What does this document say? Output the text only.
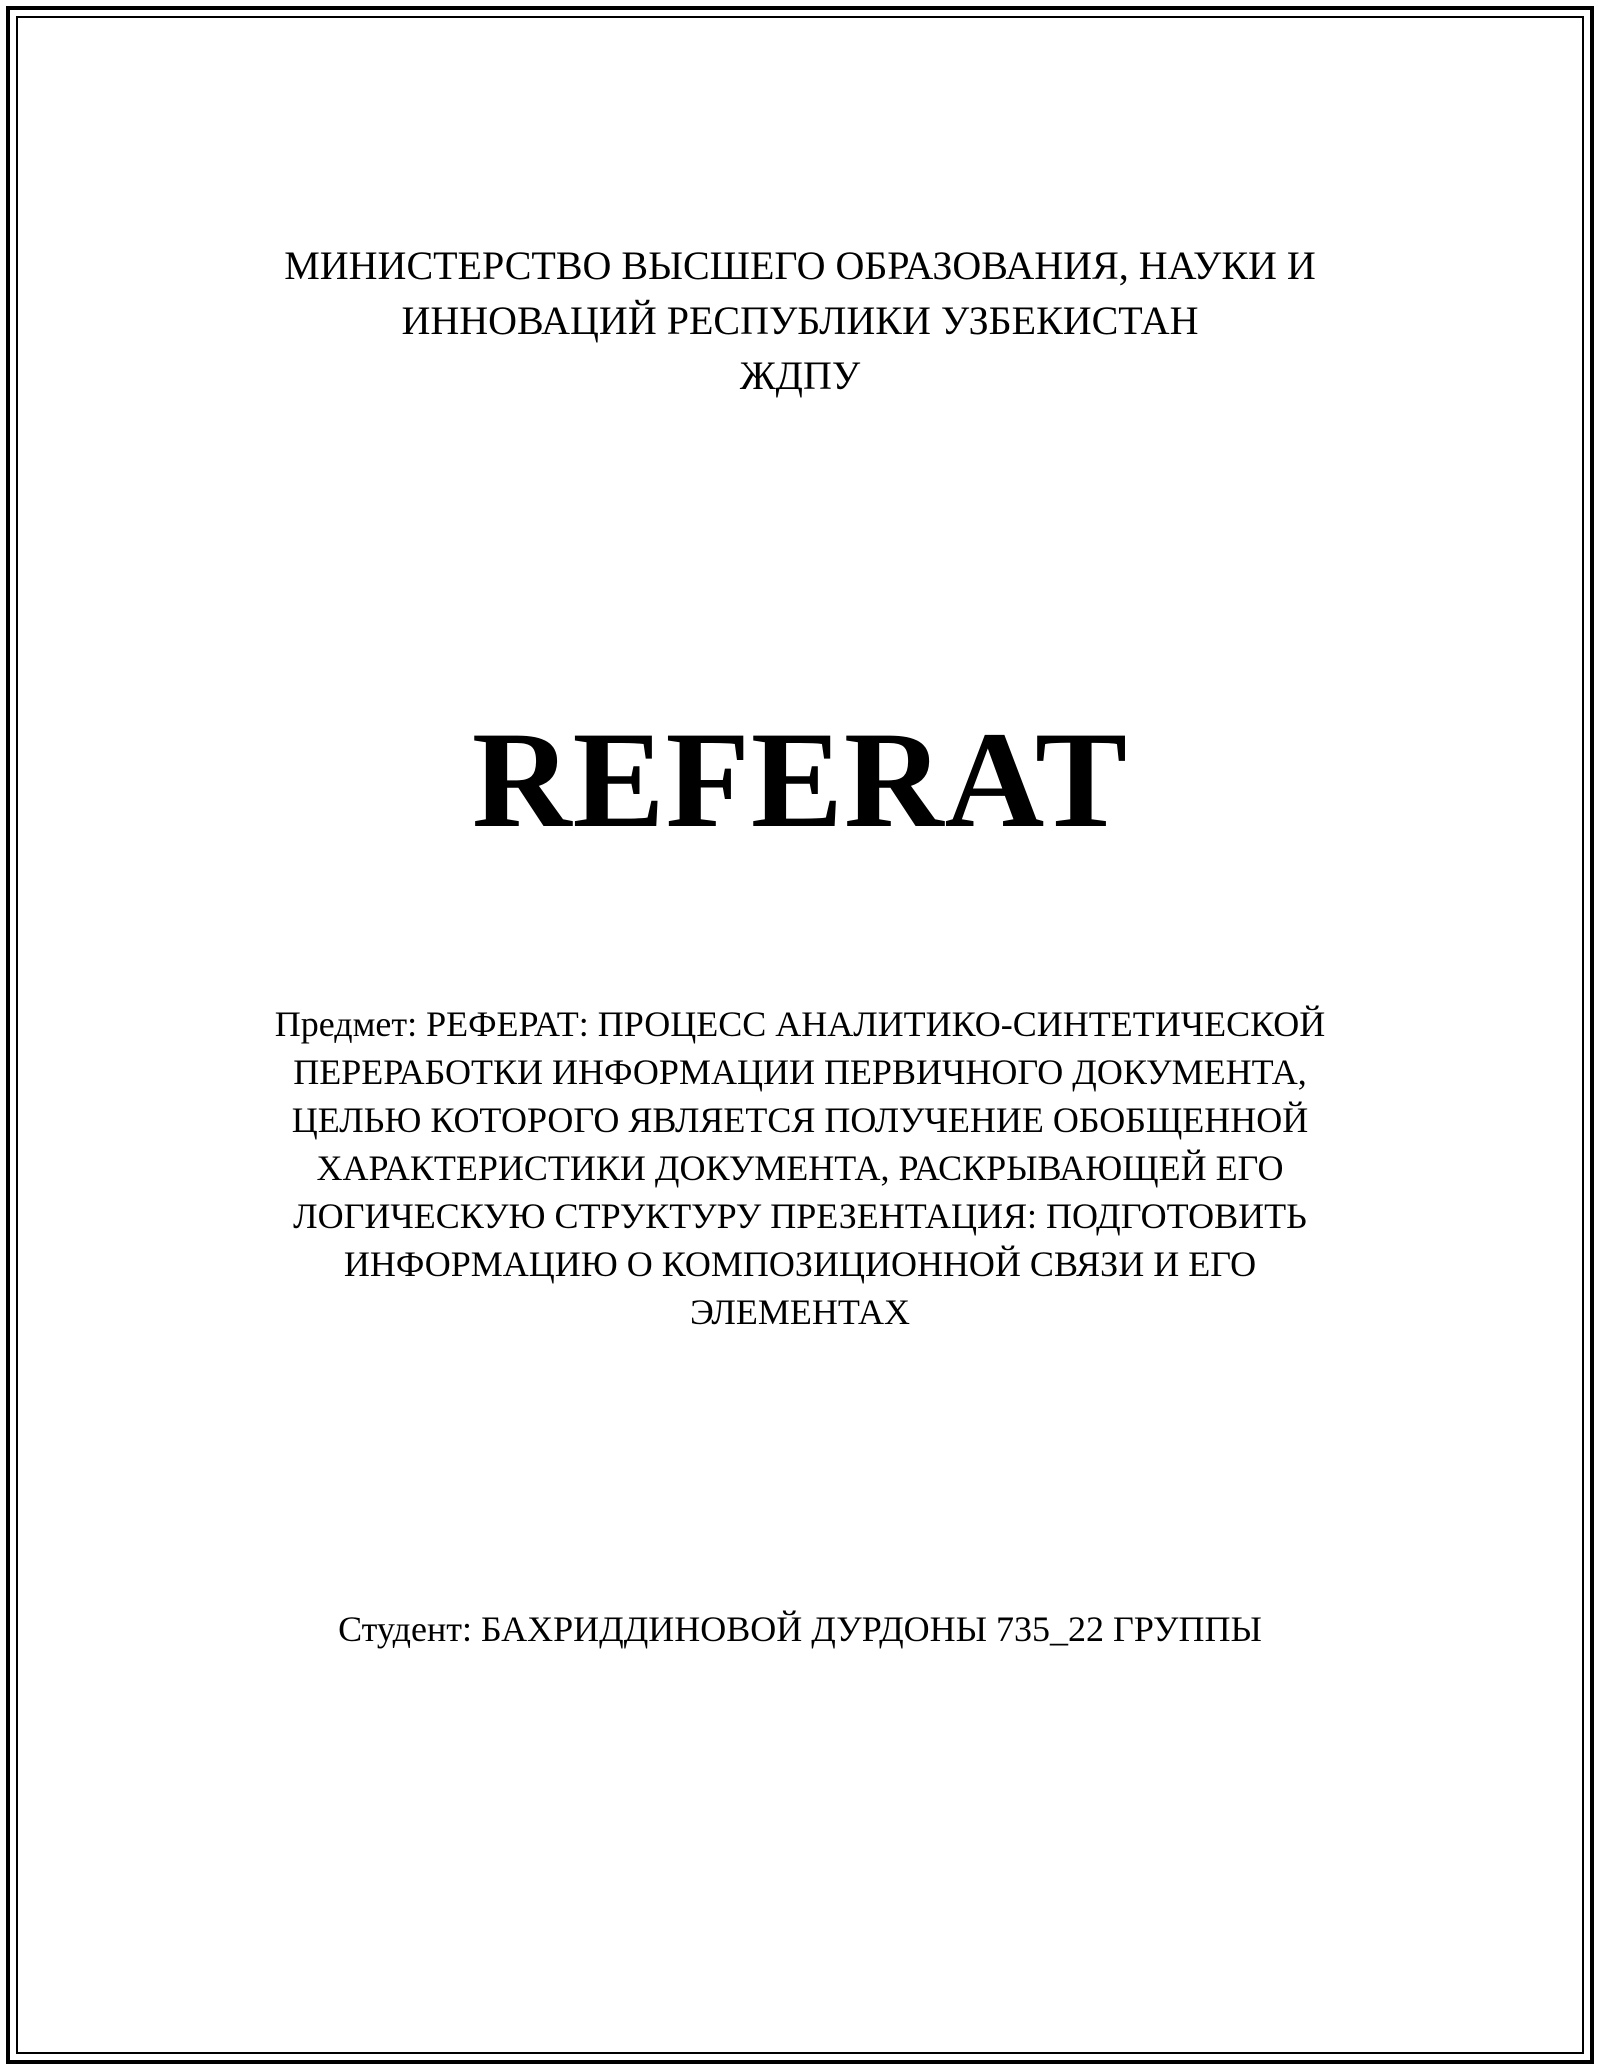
МИНИСТЕРСТВО ВЫСШЕГО ОБРАЗОВАНИЯ, НАУКИ И
ИННОВАЦИЙ РЕСПУБЛИКИ УЗБЕКИСТАН
ЖДПУ
REFERAT
Предмет: РЕФЕРАТ: ПРОЦЕСС АНАЛИТИКО-СИНТЕТИЧЕСКОЙ
ПЕРЕРАБОТКИ ИНФОРМАЦИИ ПЕРВИЧНОГО ДОКУМЕНТА,
ЦЕЛЬЮ КОТОРОГО ЯВЛЯЕТСЯ ПОЛУЧЕНИЕ ОБОБЩЕННОЙ
ХАРАКТЕРИСТИКИ ДОКУМЕНТА, РАСКРЫВАЮЩЕЙ ЕГО
ЛОГИЧЕСКУЮ СТРУКТУРУ ПРЕЗЕНТАЦИЯ: ПОДГОТОВИТЬ
ИНФОРМАЦИЮ О КОМПОЗИЦИОННОЙ СВЯЗИ И ЕГО
ЭЛЕМЕНТАХ
Студент: БАХРИДДИНОВОЙ ДУРДОНЫ 735_22 ГРУППЫ
